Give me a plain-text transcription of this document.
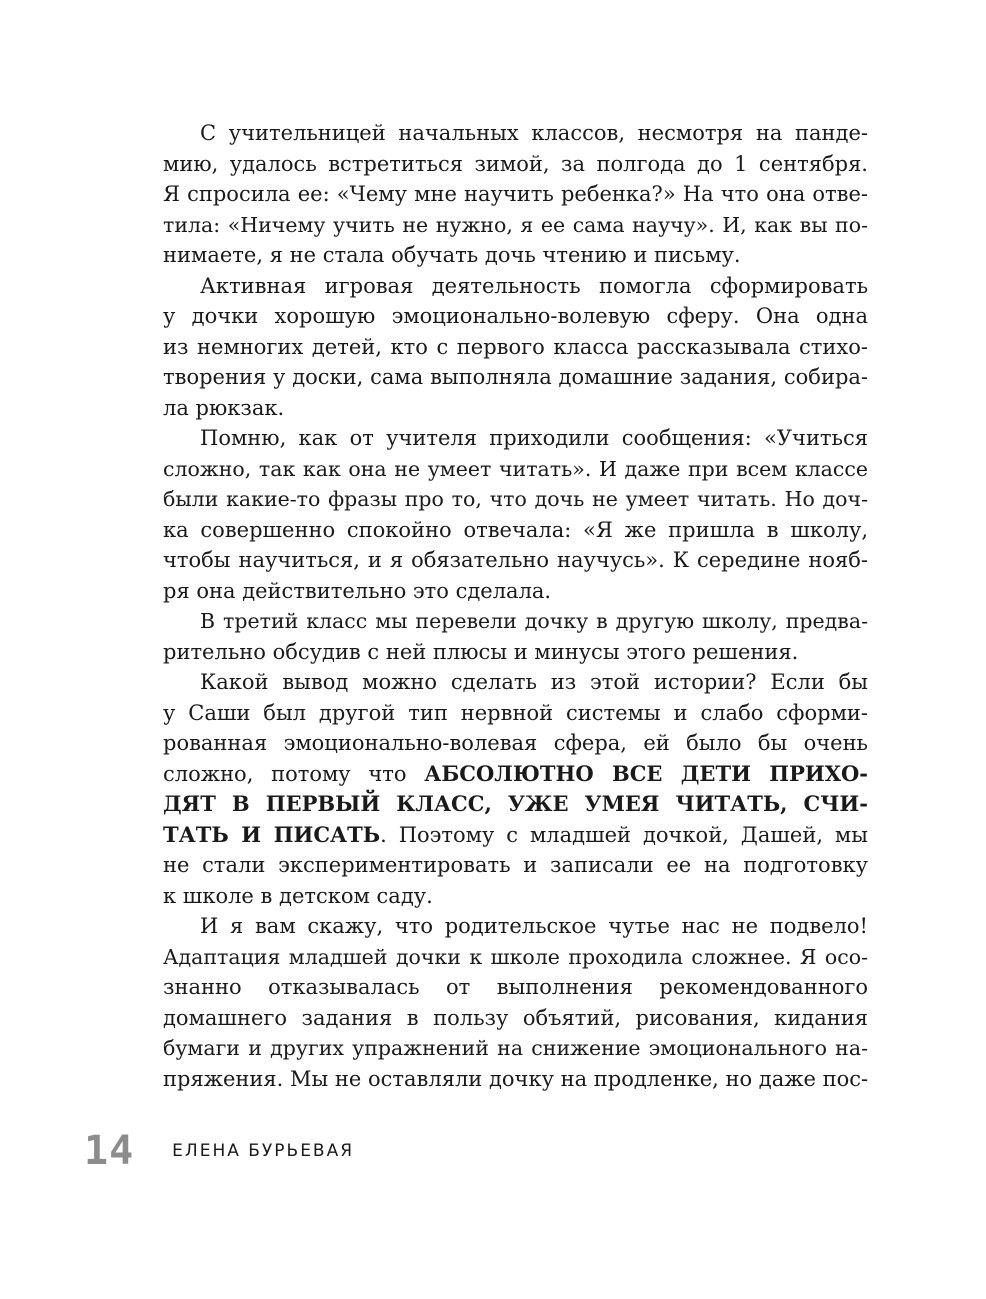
С учительницей начальных классов, несмотря на панде-
мию, удалось встретиться зимой, за полгода до 1 сентября.
Я спросила ее: «Чему мне научить ребенка?» На что она отве-
тила: «Ничему учить не нужно, я ее сама научу». И, как вы по-
нимаете, я не стала обучать дочь чтению и письму.
Активная игровая деятельность помогла сформировать
у дочки хорошую эмоционально-волевую сферу. Она одна
из немногих детей, кто с первого класса рассказывала стихо-
творения у доски, сама выполняла домашние задания, собира-
ла рюкзак.
Помню, как от учителя приходили сообщения: «Учиться
сложно, так как она не умеет читать». И даже при всем классе
были какие-то фразы про то, что дочь не умеет читать. Но доч-
ка совершенно спокойно отвечала: «Я же пришла в школу,
чтобы научиться, и я обязательно научусь». К середине нояб-
ря она действительно это сделала.
В третий класс мы перевели дочку в другую школу, предва-
рительно обсудив с ней плюсы и минусы этого решения.
Какой вывод можно сделать из этой истории? Если бы
у Саши был другой тип нервной системы и слабо сформи-
рованная эмоционально-волевая сфера, ей было бы очень
сложно, потому что АБСОЛЮТНО ВСЕ ДЕТИ ПРИХО-
ДЯТ В ПЕРВЫЙ КЛАСС, УЖЕ УМЕЯ ЧИТАТЬ, СЧИ-
ТАТЬ И ПИСАТЬ. Поэтому с младшей дочкой, Дашей, мы
не стали экспериментировать и записали ее на подготовку
к школе в детском саду.
И я вам скажу, что родительское чутье нас не подвело!
Адаптация младшей дочки к школе проходила сложнее. Я осо-
знанно отказывалась от выполнения рекомендованного
домашнего задания в пользу объятий, рисования, кидания
бумаги и других упражнений на снижение эмоционального на-
пряжения. Мы не оставляли дочку на продленке, но даже пос-
14 ЕЛЕНА БУРЬЕВАЯ
